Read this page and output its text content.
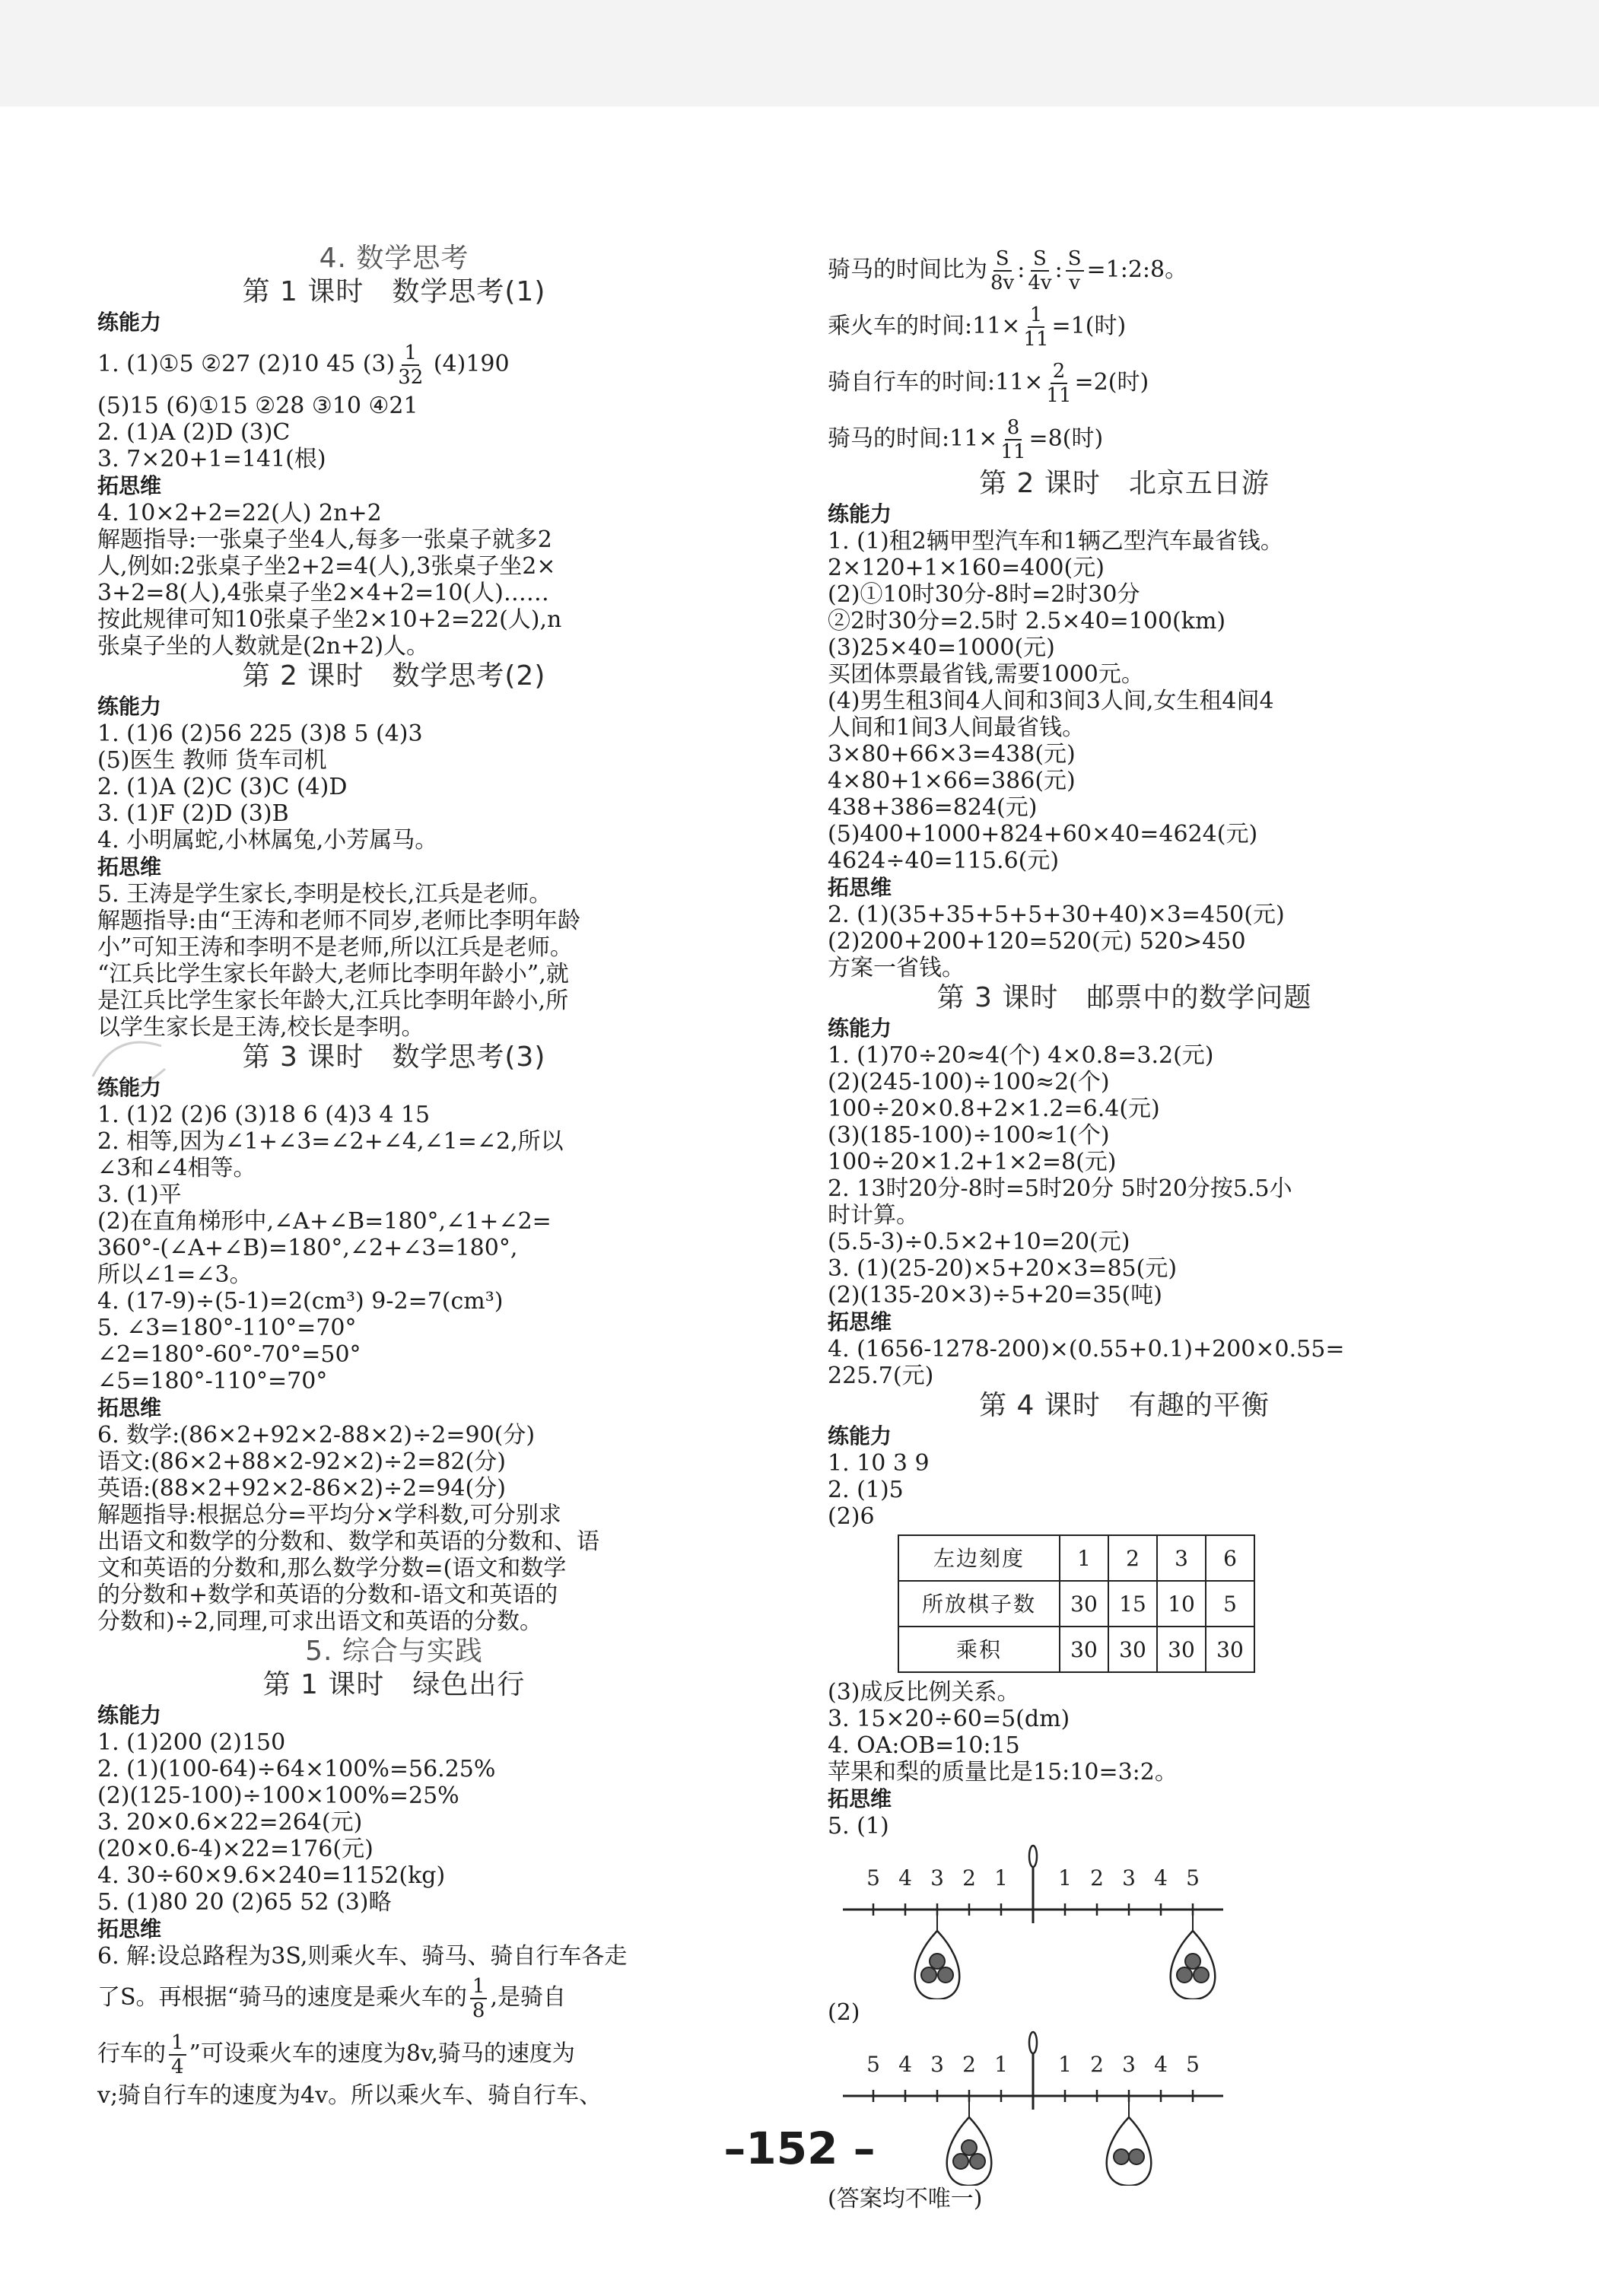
4. 数学思考
第 1 课时　数学思考(1)
练能力
1. (1)①5 ②27 (2)10 45 $(3) \frac{1}{32} (4)190$
(5)15 (6)①15 ②28 ③10 ④21
2. (1)A (2)D (3)C
3. 7×20+1=141(根)
拓思维
4. 10×2+2=22(人) 2n+2
解题指导:一张桌子坐4人,每多一张桌子就多2
人,例如:2张桌子坐2+2=4(人),3张桌子坐2×
3+2=8(人),4张桌子坐2×4+2=10(人)……
按此规律可知10张桌子坐2×10+2=22(人),n
张桌子坐的人数就是(2n+2)人。
第 2 课时　数学思考(2)
练能力
1. (1)6 (2)56 225 (3)8 5 (4)3
(5)医生 教师 货车司机
2. (1)A (2)C (3)C (4)D
3. (1)F (2)D (3)B
4. 小明属蛇,小林属兔,小芳属马。
拓思维
5. 王涛是学生家长,李明是校长,江兵是老师。
解题指导:由“王涛和老师不同岁,老师比李明年龄
小”可知王涛和李明不是老师,所以江兵是老师。
“江兵比学生家长年龄大,老师比李明年龄小”,就
是江兵比学生家长年龄大,江兵比李明年龄小,所
以学生家长是王涛,校长是李明。
第 3 课时　数学思考(3)
练能力
1. (1)2 (2)6 (3)18 6 (4)3 4 15
2. 相等,因为∠1+∠3=∠2+∠4,∠1=∠2,所以
∠3和∠4相等。
3. (1)平
(2)在直角梯形中,∠A+∠B=180°,∠1+∠2=
360°-(∠A+∠B)=180°,∠2+∠3=180°,
所以∠1=∠3。
4. (17-9)÷(5-1)=2(cm³) 9-2=7(cm³)
5. ∠3=180°-110°=70°
∠2=180°-60°-70°=50°
∠5=180°-110°=70°
拓思维
6. 数学:(86×2+92×2-88×2)÷2=90(分)
语文:(86×2+88×2-92×2)÷2=82(分)
英语:(88×2+92×2-86×2)÷2=94(分)
解题指导:根据总分=平均分×学科数,可分别求
出语文和数学的分数和、数学和英语的分数和、语
文和英语的分数和,那么数学分数=(语文和数学
的分数和+数学和英语的分数和-语文和英语的
分数和)÷2,同理,可求出语文和英语的分数。
5. 综合与实践
第 1 课时　绿色出行
练能力
1. (1)200 (2)150
2. (1)(100-64)÷64×100%=56.25%
(2)(125-100)÷100×100%=25%
3. 20×0.6×22=264(元)
(20×0.6-4)×22=176(元)
4. 30÷60×9.6×240=1152(kg)
5. (1)80 20 (2)65 52 (3)略
拓思维
6. 解:设总路程为3S,则乘火车、骑马、骑自行车各走
了S。再根据“骑马的速度是乘火车的 $\frac{1}{8}$ ,是骑自
行车的 $\frac{1}{4}$ ”可设乘火车的速度为8v,骑马的速度为
v;骑自行车的速度为4v。所以乘火车、骑自行车、
骑马的时间比为 $\frac{S}{8v}$ : $\frac{S}{4v}$ : $\frac{S}{v}$ =1:2:8。
乘火车的时间:11× $\frac{1}{11} =1$(时)
骑自行车的时间:11× $\frac{2}{11} =2$(时)
骑马的时间:11× $\frac{8}{11} =8$(时)
第 2 课时　北京五日游
练能力
1. (1)租2辆甲型汽车和1辆乙型汽车最省钱。
2×120+1×160=400(元)
(2)①10时30分-8时=2时30分
②2时30分=2.5时 2.5×40=100(km)
(3)25×40=1000(元)
买团体票最省钱,需要1000元。
(4)男生租3间4人间和3间3人间,女生租4间4
人间和1间3人间最省钱。
3×80+66×3=438(元)
4×80+1×66=386(元)
438+386=824(元)
(5)400+1000+824+60×40=4624(元)
4624÷40=115.6(元)
拓思维
2. (1)(35+35+5+5+30+40)×3=450(元)
(2)200+200+120=520(元) 520>450
方案一省钱。
第 3 课时　邮票中的数学问题
练能力
1. (1)70÷20≈4(个) 4×0.8=3.2(元)
(2)(245-100)÷100≈2(个)
100÷20×0.8+2×1.2=6.4(元)
(3)(185-100)÷100≈1(个)
100÷20×1.2+1×2=8(元)
2. 13时20分-8时=5时20分 5时20分按5.5小
时计算。
(5.5-3)÷0.5×2+10=20(元)
3. (1)(25-20)×5+20×3=85(元)
(2)(135-20×3)÷5+20=35(吨)
拓思维
4. (1656-1278-200)×(0.55+0.1)+200×0.55=
225.7(元)
第 4 课时　有趣的平衡
练能力
1. 10 3 9
2. (1)5
(2)6
左边刻度	1	2	3	6
所放棋子数	30	15	10	5
乘积	30	30	30	30
(3)成反比例关系。
3. 15×20÷60=5(dm)
4. OA:OB=10:15
苹果和梨的质量比是15:10=3:2。
拓思维
5. (1)
5 4 3 2 1 1 2 3 4 5
(2)
5 4 3 2 1 1 2 3 4 5
(答案均不唯一)
–152 –
